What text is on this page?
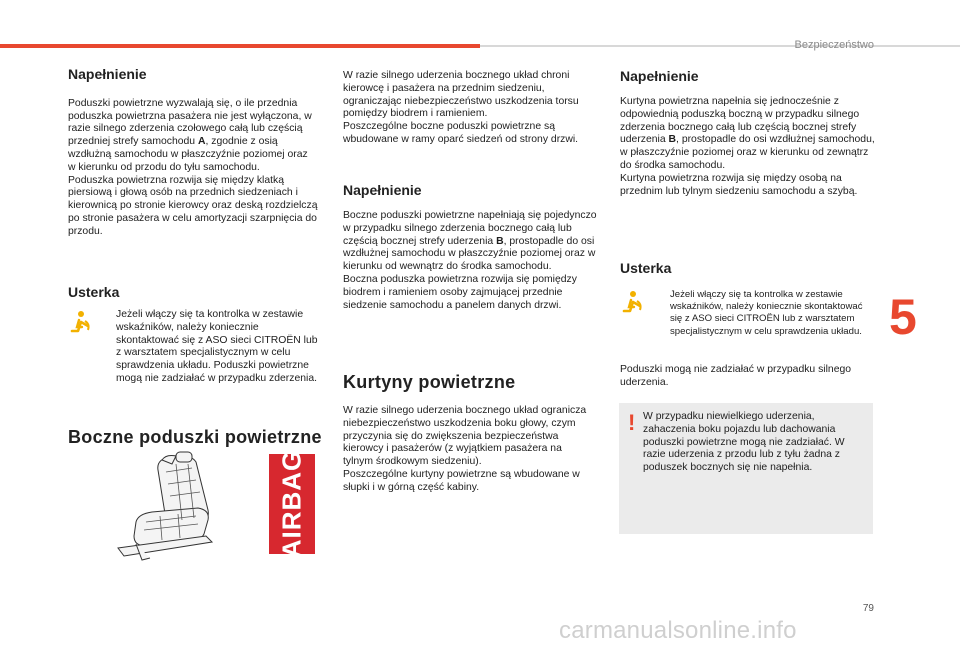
Bezpieczeństwo
5
Napełnienie

Poduszki powietrzne wyzwalają się, o ile przednia poduszka powietrzna pasażera nie jest wyłączona, w razie silnego zderzenia czołowego całą lub częścią przedniej strefy samochodu A, zgodnie z osią wzdłużną samochodu w płaszczyźnie poziomej oraz w kierunku od przodu do tyłu samochodu.

Poduszka powietrzna rozwija się między klatką piersiową i głową osób na przednich siedzeniach i kierownicą po stronie kierowcy oraz deską rozdzielczą po stronie pasażera w celu amortyzacji szarpnięcia do przodu.

Usterka
Jeżeli włączy się ta kontrolka w zestawie wskaźników, należy koniecznie skontaktować się z ASO sieci CITROËN lub z warsztatem specjalistycznym w celu sprawdzenia układu. Poduszki powietrzne mogą nie zadziałać w przypadku zderzenia.
Boczne poduszki powietrzne
AIRBAG

W razie silnego uderzenia bocznego układ chroni kierowcę i pasażera na przednim siedzeniu, ograniczając niebezpieczeństwo uszkodzenia torsu pomiędzy biodrem i ramieniem.

Poszczególne boczne poduszki powietrzne są wbudowane w ramy oparć siedzeń od strony drzwi.

Napełnienie

Boczne poduszki powietrzne napełniają się pojedynczo w przypadku silnego zderzenia bocznego całą lub częścią bocznej strefy uderzenia B, prostopadle do osi wzdłużnej samochodu w płaszczyźnie poziomej oraz w kierunku od wewnątrz do środka samochodu.

Boczna poduszka powietrzna rozwija się pomiędzy biodrem i ramieniem osoby zajmującej przednie siedzenie samochodu a panelem danych drzwi.

Kurtyny powietrzne

W razie silnego uderzenia bocznego układ ogranicza niebezpieczeństwo uszkodzenia boku głowy, czym przyczynia się do zwiększenia bezpieczeństwa kierowcy i pasażerów (z wyjątkiem pasażera na tylnym środkowym siedzeniu).

Poszczególne kurtyny powietrzne są wbudowane w słupki i w górną część kabiny.

Napełnienie

Kurtyna powietrzna napełnia się jednocześnie z odpowiednią poduszką boczną w przypadku silnego zderzenia bocznego całą lub częścią bocznej strefy uderzenia B, prostopadle do osi wzdłużnej samochodu, w płaszczyźnie poziomej oraz w kierunku od zewnątrz do środka samochodu.

Kurtyna powietrzna rozwija się między osobą na przednim lub tylnym siedzeniu samochodu a szybą.

Usterka
Jeżeli włączy się ta kontrolka w zestawie wskaźników, należy koniecznie skontaktować się z ASO sieci CITROËN lub z warsztatem specjalistycznym w celu sprawdzenia układu.

Poduszki mogą nie zadziałać w przypadku silnego uderzenia.

! W przypadku niewielkiego uderzenia, zahaczenia boku pojazdu lub dachowania poduszki powietrzne mogą nie zadziałać. W razie uderzenia z przodu lub z tyłu żadna z poduszek bocznych się nie napełnia.

79
carmanualsonline.info
